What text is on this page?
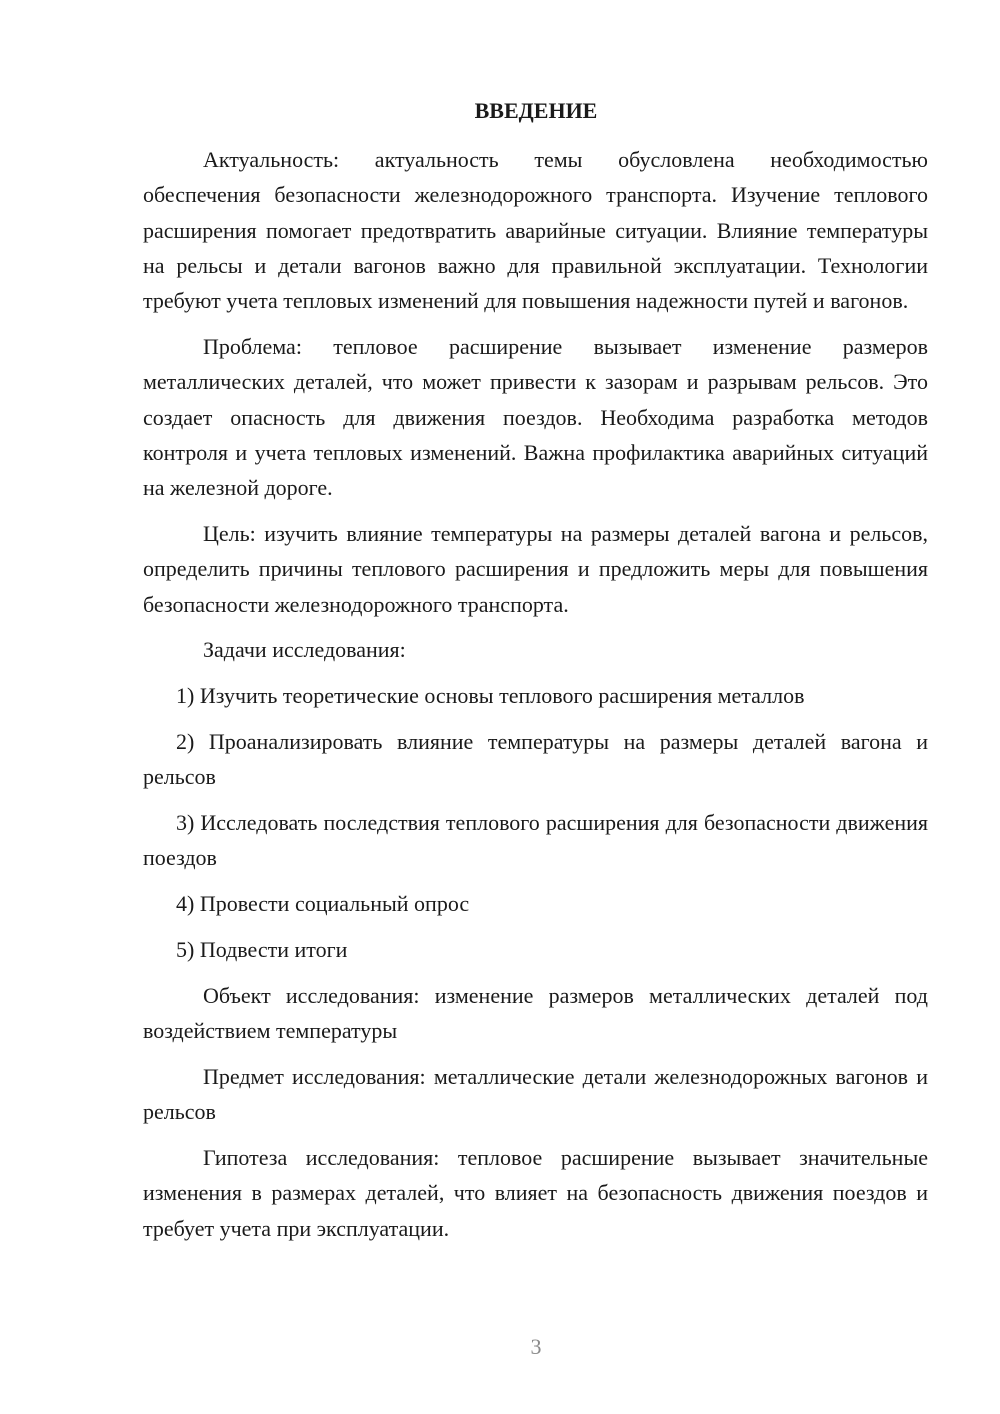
ВВЕДЕНИЕ

Актуальность: актуальность темы обусловлена необходимостью обеспечения безопасности железнодорожного транспорта. Изучение теплового расширения помогает предотвратить аварийные ситуации. Влияние температуры на рельсы и детали вагонов важно для правильной эксплуатации. Технологии требуют учета тепловых изменений для повышения надежности путей и вагонов.

Проблема: тепловое расширение вызывает изменение размеров металлических деталей, что может привести к зазорам и разрывам рельсов. Это создает опасность для движения поездов. Необходима разработка методов контроля и учета тепловых изменений. Важна профилактика аварийных ситуаций на железной дороге.

Цель: изучить влияние температуры на размеры деталей вагона и рельсов, определить причины теплового расширения и предложить меры для повышения безопасности железнодорожного транспорта.

Задачи исследования:

1) Изучить теоретические основы теплового расширения металлов

2) Проанализировать влияние температуры на размеры деталей вагона и рельсов

3) Исследовать последствия теплового расширения для безопасности движения поездов

4) Провести социальный опрос

5) Подвести итоги

Объект исследования: изменение размеров металлических деталей под воздействием температуры

Предмет исследования: металлические детали железнодорожных вагонов и рельсов

Гипотеза исследования: тепловое расширение вызывает значительные изменения в размерах деталей, что влияет на безопасность движения поездов и требует учета при эксплуатации.

3
